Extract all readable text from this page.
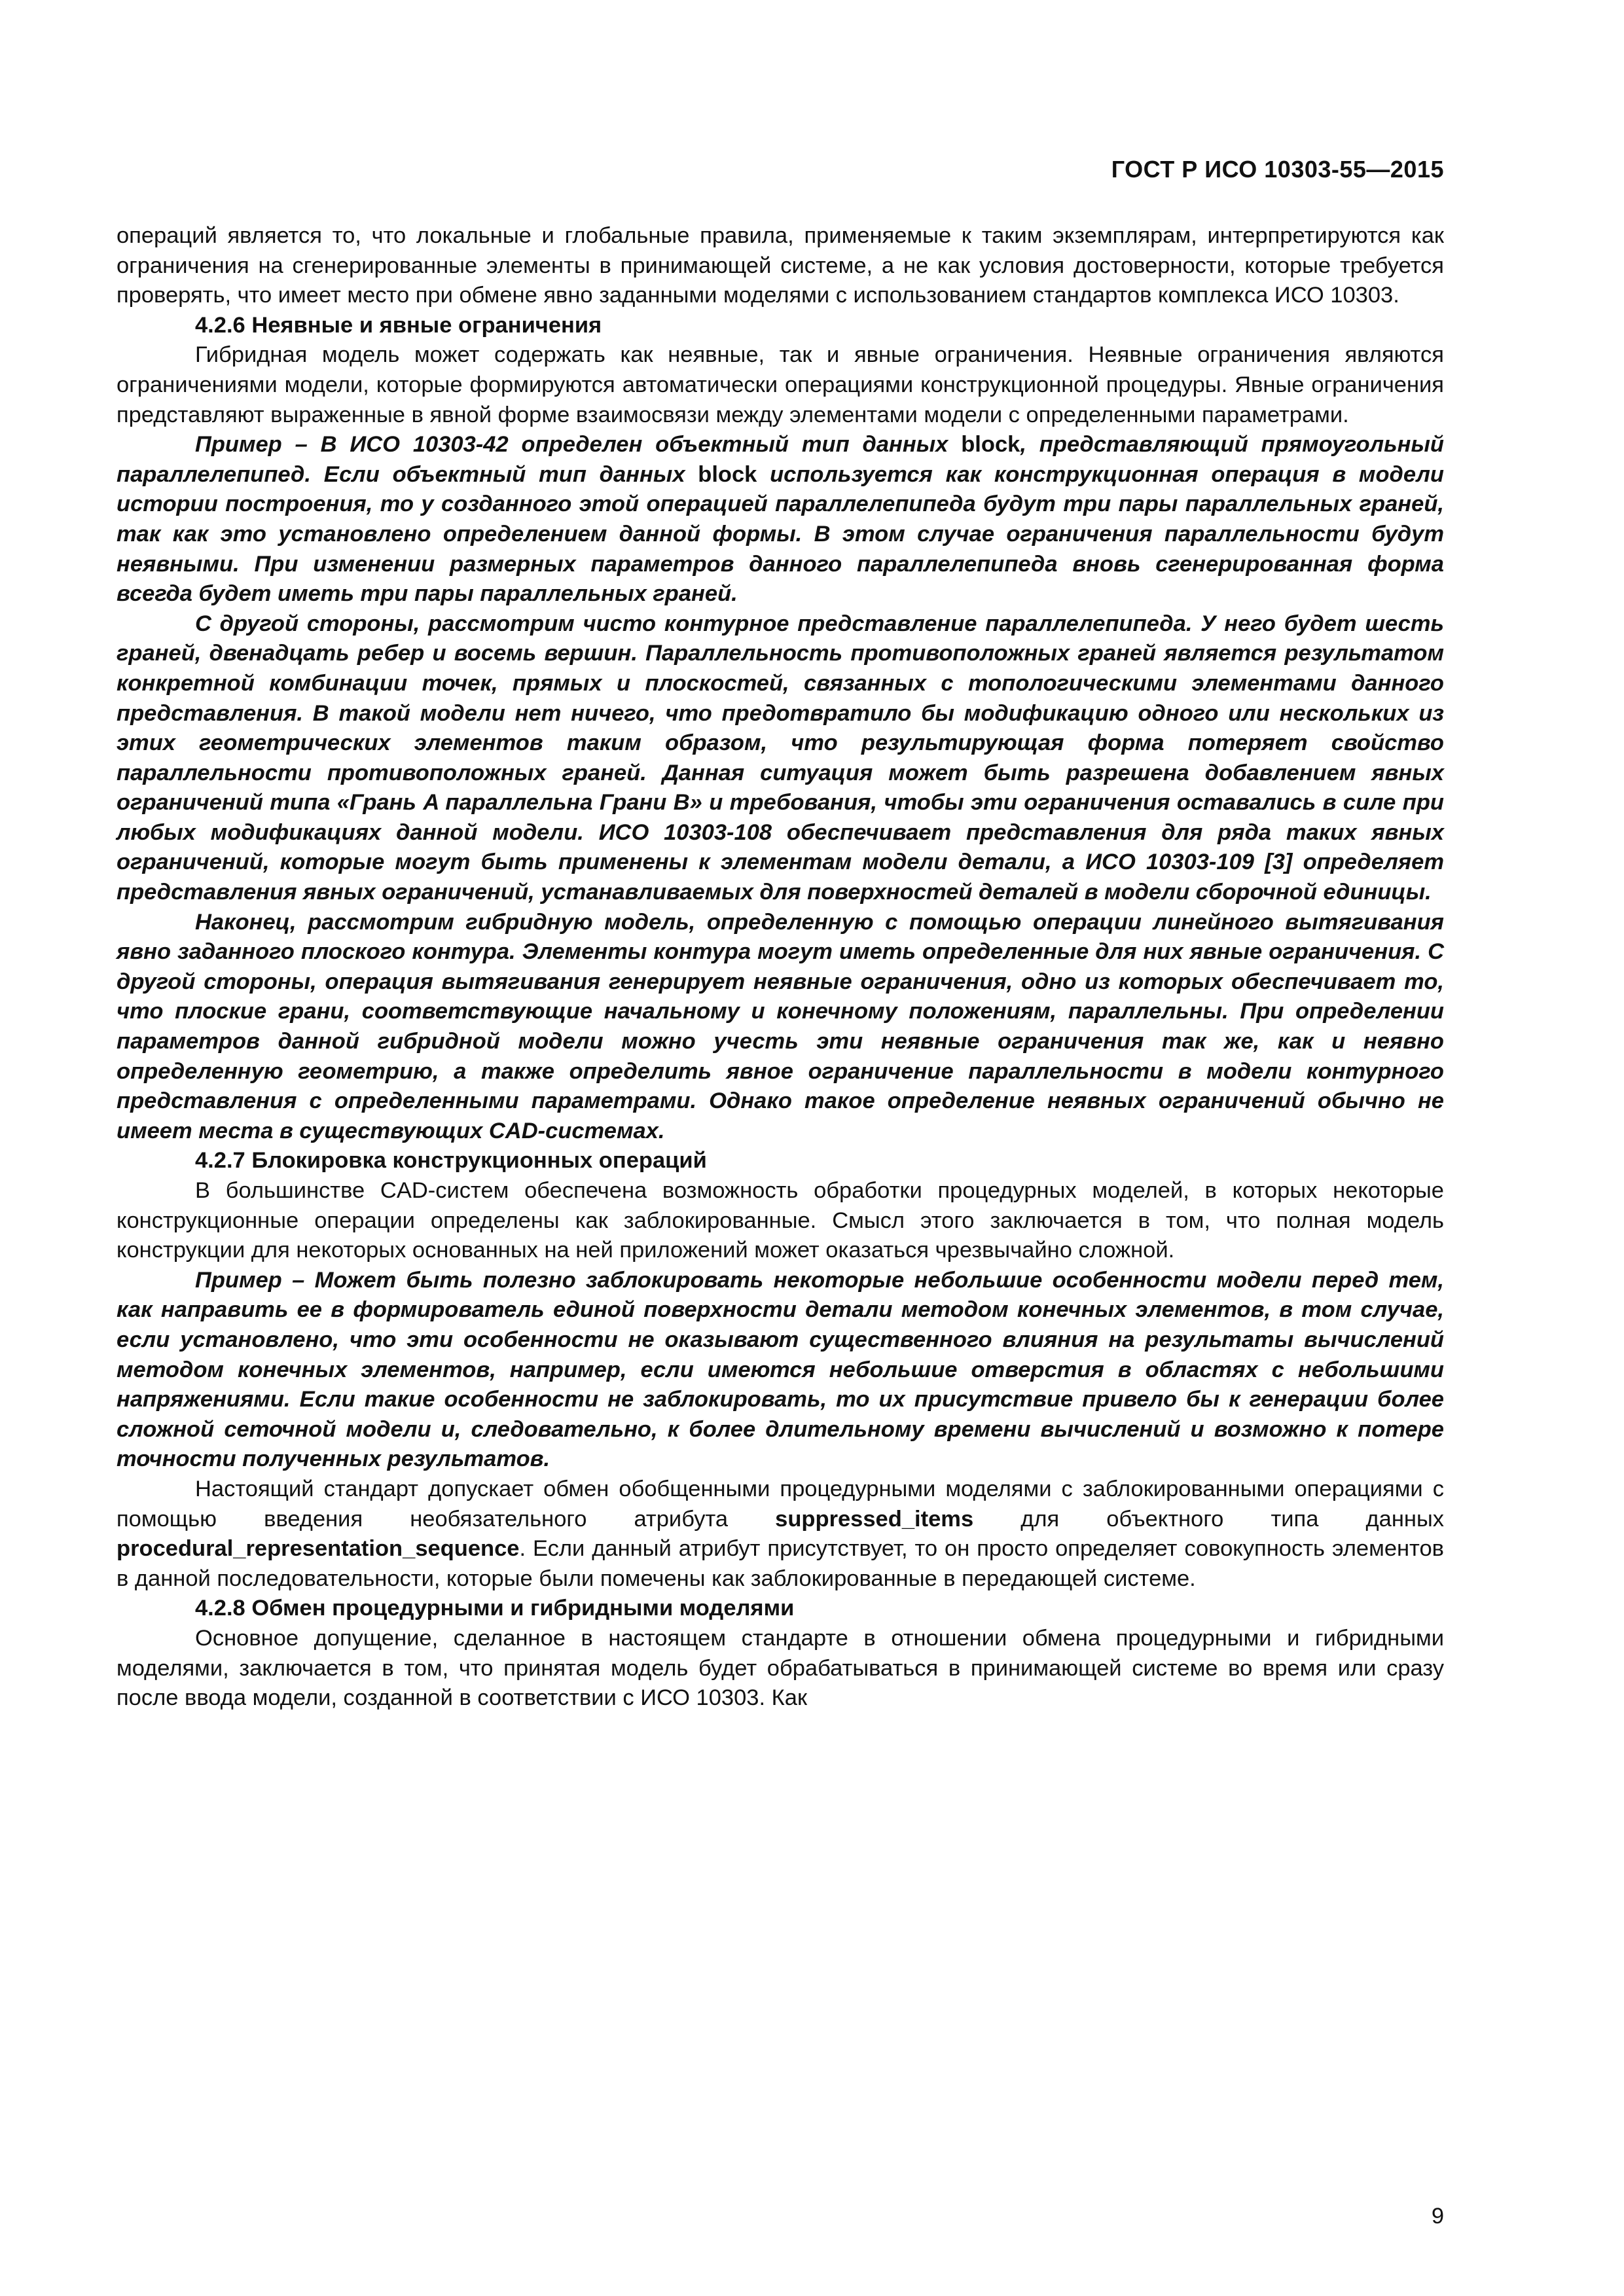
ГОСТ Р ИСО 10303-55—2015

операций является то, что локальные и глобальные правила, применяемые к таким экземплярам, интерпретируются как ограничения на сгенерированные элементы в принимающей системе, а не как условия достоверности, которые требуется проверять, что имеет место при обмене явно заданными моделями с использованием стандартов комплекса ИСО 10303.

4.2.6 Неявные и явные ограничения

Гибридная модель может содержать как неявные, так и явные ограничения. Неявные ограничения являются ограничениями модели, которые формируются автоматически операциями конструкционной процедуры. Явные ограничения представляют выраженные в явной форме взаимосвязи между элементами модели с определенными параметрами.

Пример – В ИСО 10303-42 определен объектный тип данных block, представляющий прямоугольный параллелепипед. Если объектный тип данных block используется как конструкционная операция в модели истории построения, то у созданного этой операцией параллелепипеда будут три пары параллельных граней, так как это установлено определением данной формы. В этом случае ограничения параллельности будут неявными. При изменении размерных параметров данного параллелепипеда вновь сгенерированная форма всегда будет иметь три пары параллельных граней.

С другой стороны, рассмотрим чисто контурное представление параллелепипеда. У него будет шесть граней, двенадцать ребер и восемь вершин. Параллельность противоположных граней является результатом конкретной комбинации точек, прямых и плоскостей, связанных с топологическими элементами данного представления. В такой модели нет ничего, что предотвратило бы модификацию одного или нескольких из этих геометрических элементов таким образом, что результирующая форма потеряет свойство параллельности противоположных граней. Данная ситуация может быть разрешена добавлением явных ограничений типа «Грань A параллельна Грани B» и требования, чтобы эти ограничения оставались в силе при любых модификациях данной модели. ИСО 10303-108 обеспечивает представления для ряда таких явных ограничений, которые могут быть применены к элементам модели детали, а ИСО 10303-109 [3] определяет представления явных ограничений, устанавливаемых для поверхностей деталей в модели сборочной единицы.

Наконец, рассмотрим гибридную модель, определенную с помощью операции линейного вытягивания явно заданного плоского контура. Элементы контура могут иметь определенные для них явные ограничения. С другой стороны, операция вытягивания генерирует неявные ограничения, одно из которых обеспечивает то, что плоские грани, соответствующие начальному и конечному положениям, параллельны. При определении параметров данной гибридной модели можно учесть эти неявные ограничения так же, как и неявно определенную геометрию, а также определить явное ограничение параллельности в модели контурного представления с определенными параметрами. Однако такое определение неявных ограничений обычно не имеет места в существующих CAD-системах.

4.2.7 Блокировка конструкционных операций

В большинстве CAD-систем обеспечена возможность обработки процедурных моделей, в которых некоторые конструкционные операции определены как заблокированные. Смысл этого заключается в том, что полная модель конструкции для некоторых основанных на ней приложений может оказаться чрезвычайно сложной.

Пример – Может быть полезно заблокировать некоторые небольшие особенности модели перед тем, как направить ее в формирователь единой поверхности детали методом конечных элементов, в том случае, если установлено, что эти особенности не оказывают существенного влияния на результаты вычислений методом конечных элементов, например, если имеются небольшие отверстия в областях с небольшими напряжениями. Если такие особенности не заблокировать, то их присутствие привело бы к генерации более сложной сеточной модели и, следовательно, к более длительному времени вычислений и возможно к потере точности полученных результатов.

Настоящий стандарт допускает обмен обобщенными процедурными моделями с заблокированными операциями с помощью введения необязательного атрибута suppressed_items для объектного типа данных procedural_representation_sequence. Если данный атрибут присутствует, то он просто определяет совокупность элементов в данной последовательности, которые были помечены как заблокированные в передающей системе.

4.2.8 Обмен процедурными и гибридными моделями

Основное допущение, сделанное в настоящем стандарте в отношении обмена процедурными и гибридными моделями, заключается в том, что принятая модель будет обрабатываться в принимающей системе во время или сразу после ввода модели, созданной в соответствии с ИСО 10303. Как

9
